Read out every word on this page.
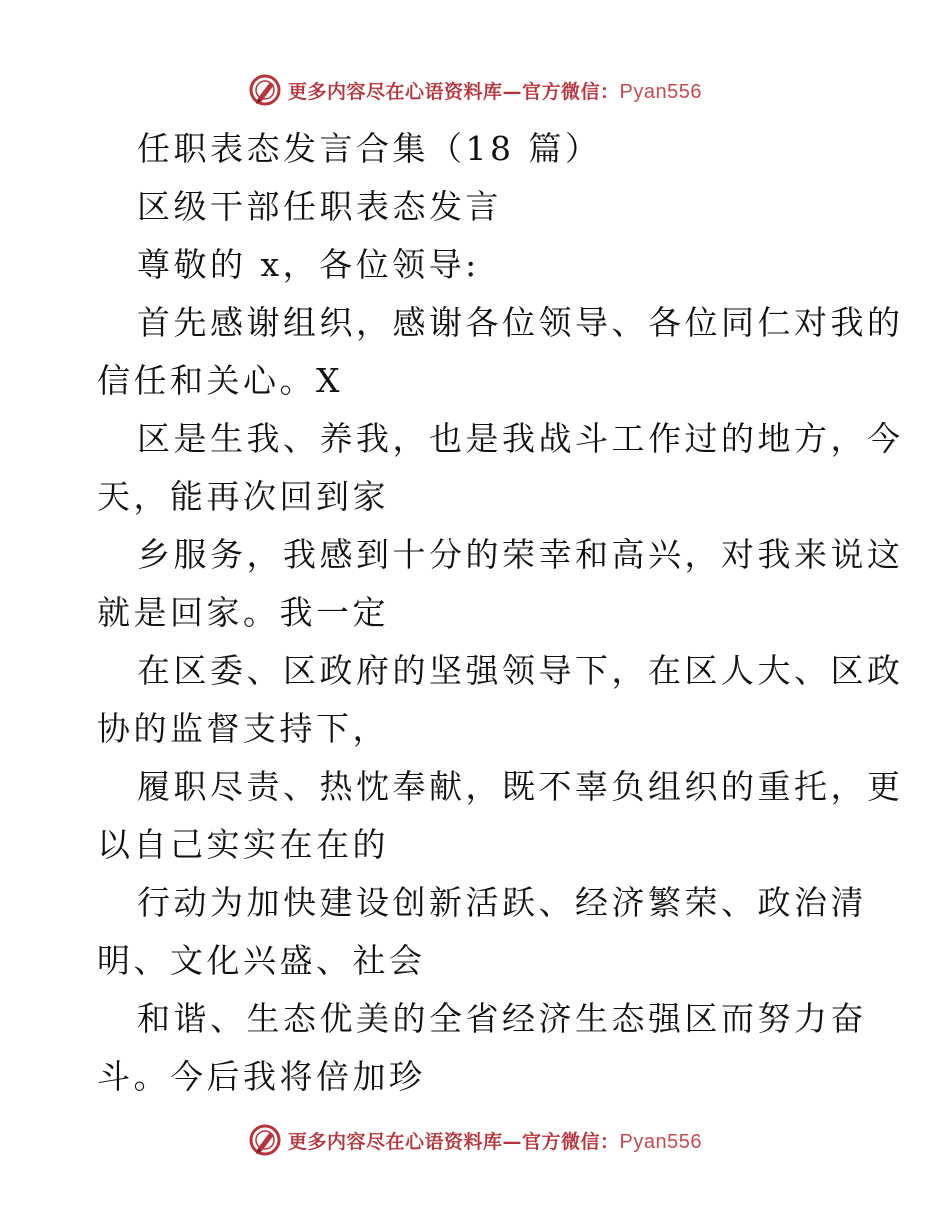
更多内容尽在心语资料库—官方微信：Pyan556
任职表态发言合集（18 篇）
区级干部任职表态发言
尊敬的 x，各位领导:
首先感谢组织，感谢各位领导、各位同仁对我的
信任和关心。X
区是生我、养我，也是我战斗工作过的地方，今
天，能再次回到家
乡服务，我感到十分的荣幸和高兴，对我来说这
就是回家。我一定
在区委、区政府的坚强领导下，在区人大、区政
协的监督支持下，
履职尽责、热忱奉献，既不辜负组织的重托，更
以自己实实在在的
行动为加快建设创新活跃、经济繁荣、政治清
明、文化兴盛、社会
和谐、生态优美的全省经济生态强区而努力奋
斗。今后我将倍加珍
更多内容尽在心语资料库—官方微信：Pyan556
